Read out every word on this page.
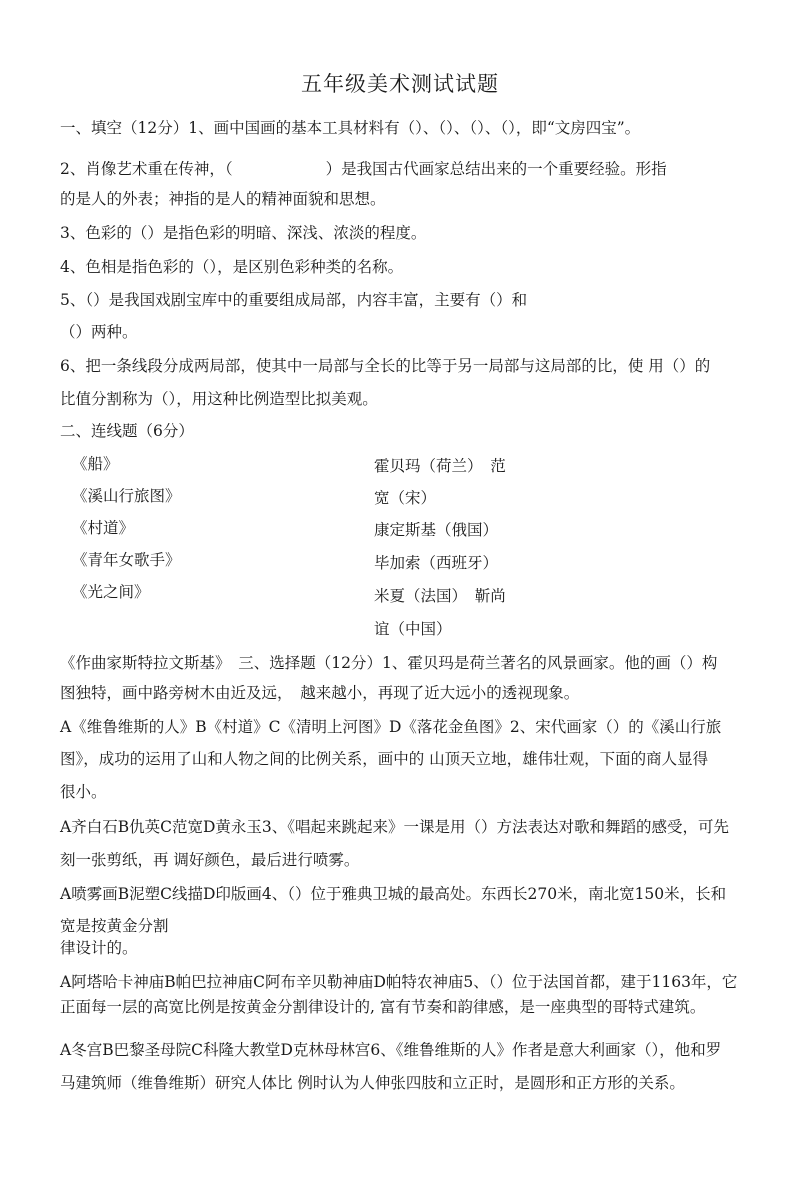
五年级美术测试试题
一、填空（12分）1、画中国画的基本工具材料有（）、（）、（）、（），即“文房四宝”。
2、肖像艺术重在传神，（　　　　　　）是我国古代画家总结出来的一个重要经验。形指
的是人的外表；神指的是人的精神面貌和思想。
3、色彩的（）是指色彩的明暗、深浅、浓淡的程度。
4、色相是指色彩的（），是区别色彩种类的名称。
5、（）是我国戏剧宝库中的重要组成局部，内容丰富，主要有（）和
（）两种。
6、把一条线段分成两局部，使其中一局部与全长的比等于另一局部与这局部的比，使 用（）的
比值分割称为（），用这种比例造型比拟美观。
二、连线题（6分）
《船》
《溪山行旅图》
《村道》
《青年女歌手》
《光之间》
霍贝玛（荷兰）　范
宽（宋）
康定斯基（俄国）
毕加索（西班牙）
米夏（法国）　靳尚
谊（中国）
《作曲家斯特拉文斯基》　三、选择题（12分）1、霍贝玛是荷兰著名的风景画家。他的画（）构
图独特，画中路旁树木由近及远，　越来越小，再现了近大远小的透视现象。
A《维鲁维斯的人》B《村道》C《清明上河图》D《落花金鱼图》2、宋代画家（）的《溪山行旅
图》，成功的运用了山和人物之间的比例关系，画中的 山顶天立地，雄伟壮观，下面的商人显得
很小。
A齐白石B仇英C范宽D黄永玉3、《唱起来跳起来》一课是用（）方法表达对歌和舞蹈的感受，可先
刻一张剪纸，再 调好颜色，最后进行喷雾。
A喷雾画B泥塑C线描D印版画4、（）位于雅典卫城的最高处。东西长270米，南北宽150米，长和
宽是按黄金分割
律设计的。
A阿塔哈卡神庙B帕巴拉神庙C阿布辛贝勒神庙D帕特农神庙5、（）位于法国首都，建于1163年，它
正面每一层的高宽比例是按黄金分割律设计的, 富有节奏和韵律感，是一座典型的哥特式建筑。
A冬宫B巴黎圣母院C科隆大教堂D克林母林宫6、《维鲁维斯的人》作者是意大利画家（），他和罗
马建筑师（维鲁维斯）研究人体比 例时认为人伸张四肢和立正时，是圆形和正方形的关系。
